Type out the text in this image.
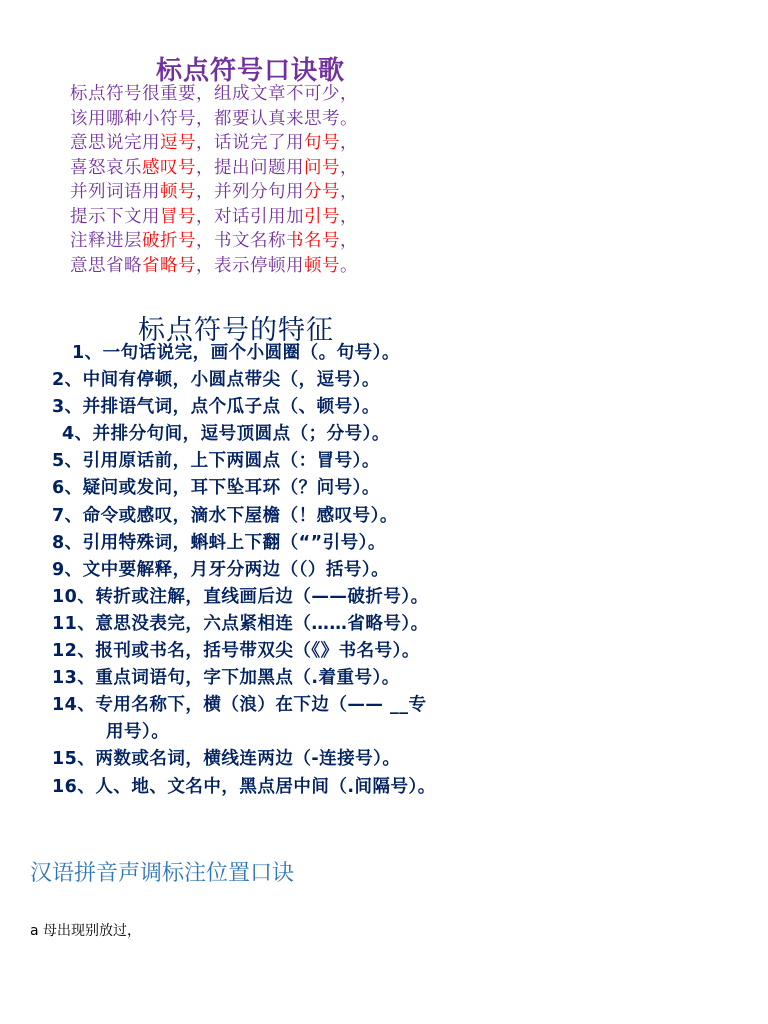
标点符号口诀歌
标点符号很重要，组成文章不可少，
该用哪种小符号，都要认真来思考。
意思说完用逗号，话说完了用句号，
喜怒哀乐感叹号，提出问题用问号，
并列词语用顿号，并列分句用分号，
提示下文用冒号，对话引用加引号，
注释进层破折号，书文名称书名号，
意思省略省略号，表示停顿用顿号。
标点符号的特征
1、一句话说完，画个小圆圈（。句号）。
2、中间有停顿，小圆点带尖（，逗号）。
3、并排语气词，点个瓜子点（、顿号）。
4、并排分句间，逗号顶圆点（；分号）。
5、引用原话前，上下两圆点（：冒号）。
6、疑问或发问，耳下坠耳环（？问号）。
7、命令或感叹，滴水下屋檐（！感叹号）。
8、引用特殊词，蝌蚪上下翻（“”引号）。
9、文中要解释，月牙分两边（（）括号）。
10、转折或注解，直线画后边（——破折号）。
11、意思没表完，六点紧相连（……省略号）。
12、报刊或书名，括号带双尖（《》书名号）。
13、重点词语句，字下加黑点（.着重号）。
14、专用名称下，横（浪）在下边（—— __专
用号）。
15、两数或名词，横线连两边（-连接号）。
16、人、地、文名中，黑点居中间（.间隔号）。
汉语拼音声调标注位置口诀
a 母出现别放过，
